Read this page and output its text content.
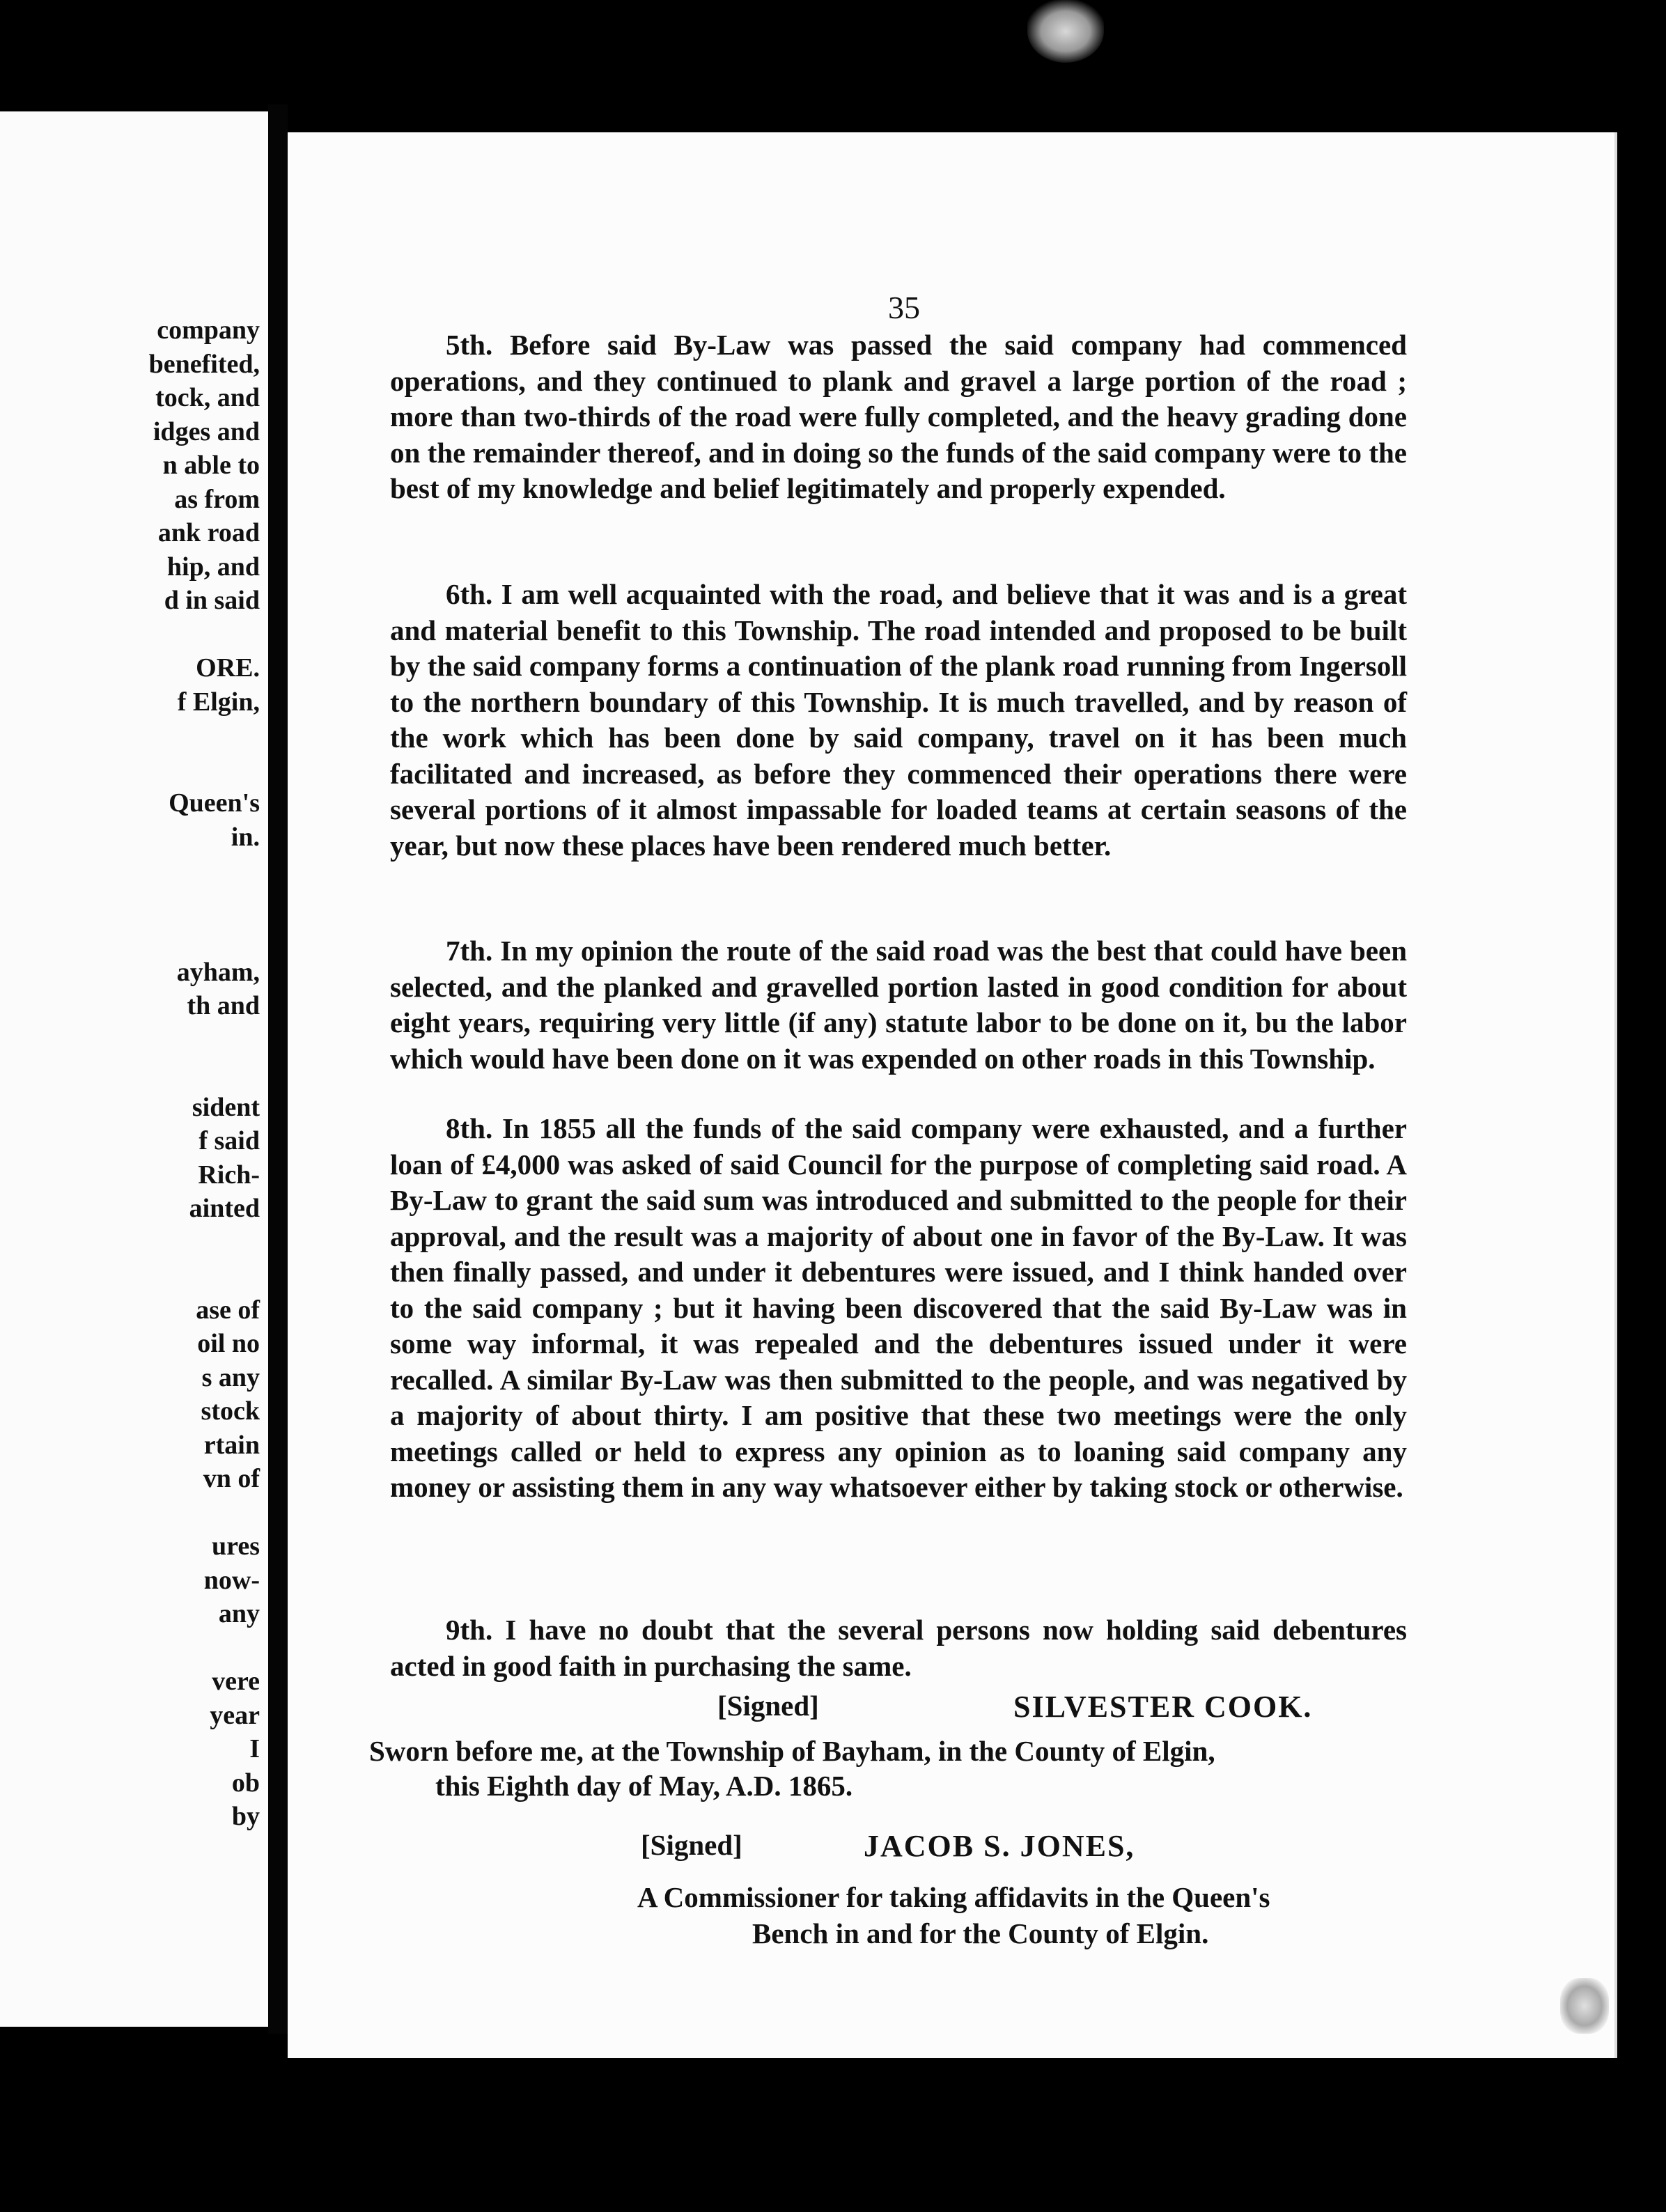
company
benefited,
tock, and
idges and
n able to
as from
ank road
hip, and
d in said
ORE.
f Elgin,
Queen's
in.
ayham,
th and
sident
f said
Rich-
ainted
ase of
oil no
s any
stock
rtain
vn of
ures
now-
any
vere
year
I
ob
by
35

5th. Before said By-Law was passed the said company had commenced operations, and they continued to plank and gravel a large portion of the road ; more than two-thirds of the road were fully completed, and the heavy grading done on the remainder thereof, and in doing so the funds of the said company were to the best of my knowledge and belief legitimately and properly expended.

6th. I am well acquainted with the road, and believe that it was and is a great and material benefit to this Township. The road intended and proposed to be built by the said company forms a continuation of the plank road running from Ingersoll to the northern boundary of this Township. It is much travelled, and by reason of the work which has been done by said company, travel on it has been much facilitated and increased, as before they commenced their operations there were several portions of it almost impassable for loaded teams at certain seasons of the year, but now these places have been rendered much better.

7th. In my opinion the route of the said road was the best that could have been selected, and the planked and gravelled portion lasted in good condition for about eight years, requiring very little (if any) statute labor to be done on it, bu the labor which would have been done on it was expended on other roads in this Township.

8th. In 1855 all the funds of the said company were exhausted, and a further loan of £4,000 was asked of said Council for the purpose of completing said road. A By-Law to grant the said sum was introduced and submitted to the people for their approval, and the result was a majority of about one in favor of the By-Law. It was then finally passed, and under it debentures were issued, and I think handed over to the said company ; but it having been discovered that the said By-Law was in some way informal, it was repealed and the debentures issued under it were recalled. A similar By-Law was then submitted to the people, and was negatived by a majority of about thirty. I am positive that these two meetings were the only meetings called or held to express any opinion as to loaning said company any money or assisting them in any way whatsoever either by taking stock or otherwise.

9th. I have no doubt that the several persons now holding said debentures acted in good faith in purchasing the same.

[Signed]	SILVESTER COOK.
Sworn before me, at the Township of Bayham, in the County of Elgin,
this Eighth day of May, A.D. 1865.
[Signed]	JACOB S. JONES,
A Commissioner for taking affidavits in the Queen's
Bench in and for the County of Elgin.
